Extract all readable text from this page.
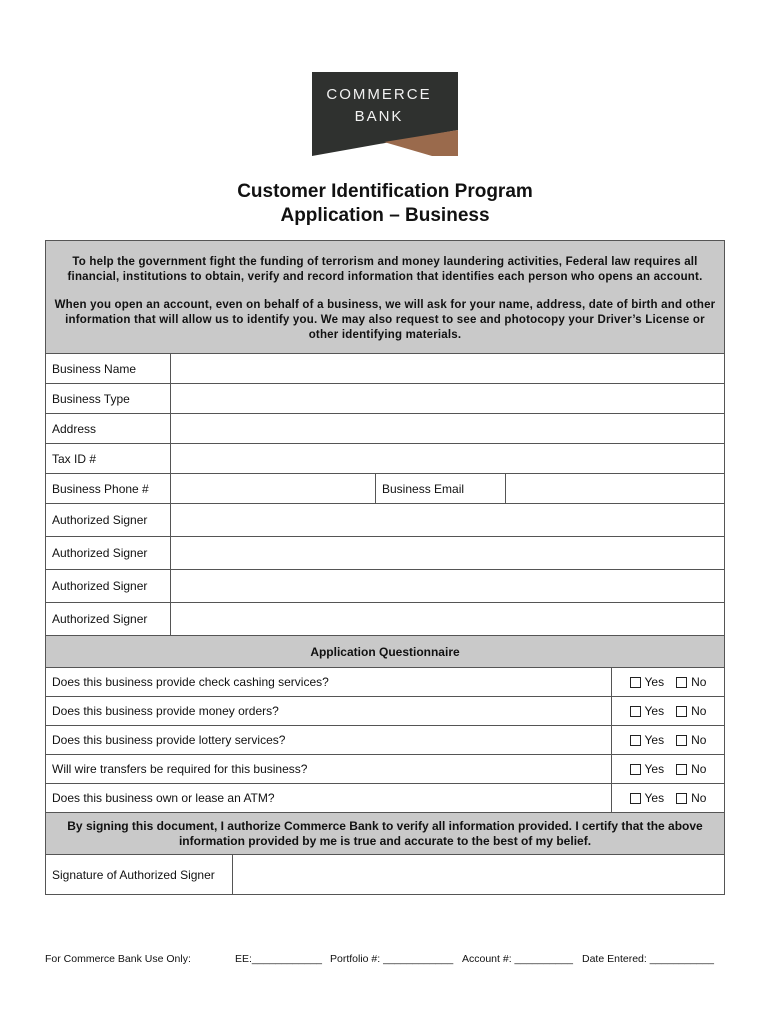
COMMERCE
BANK
Customer Identification Program
Application – Business

To help the government fight the funding of terrorism and money laundering activities, Federal law requires all financial, institutions to obtain, verify and record information that identifies each person who opens an account.

When you open an account, even on behalf of a business, we will ask for your name, address, date of birth and other information that will allow us to identify you. We may also request to see and photocopy your Driver’s License or other identifying materials.

Business Name
Business Type
Address
Tax ID #
Business Phone #	Business Email
Authorized Signer
Authorized Signer
Authorized Signer
Authorized Signer
Application Questionnaire
Does this business provide check cashing services?	Yes No
Does this business provide money orders?	Yes No
Does this business provide lottery services?	Yes No
Will wire transfers be required for this business?	Yes No
Does this business own or lease an ATM?	Yes No
By signing this document, I authorize Commerce Bank to verify all information provided. I certify that the above information provided by me is true and accurate to the best of my belief.
Signature of Authorized Signer
For Commerce Bank Use Only:	EE:____________ Portfolio #: ____________ Account #: __________ Date Entered: ___________
